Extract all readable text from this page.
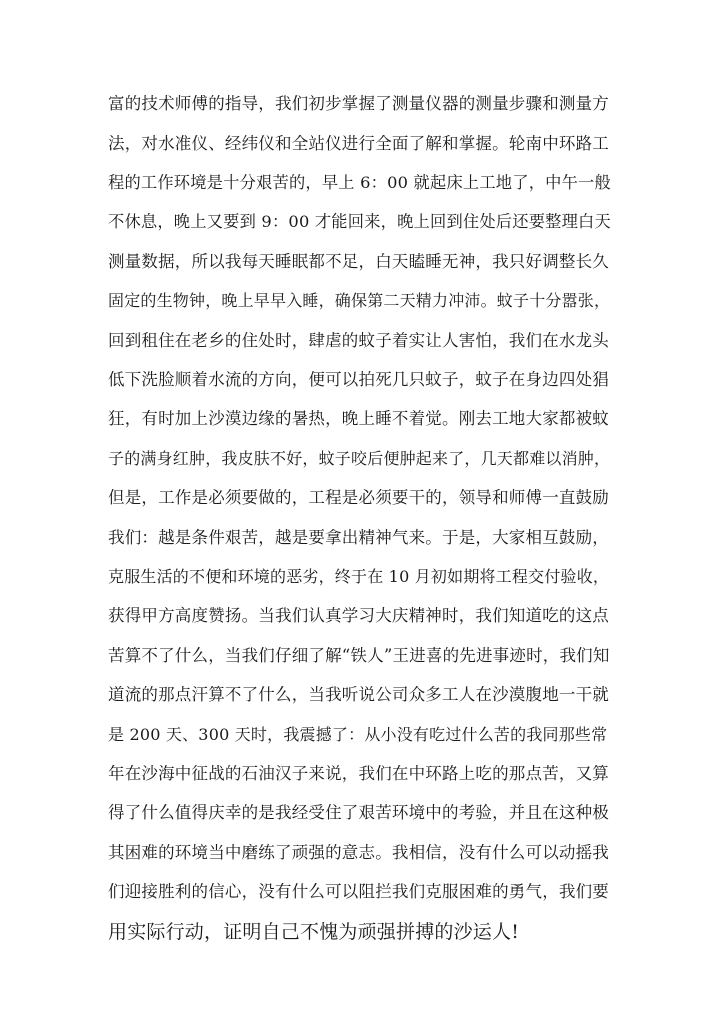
富的技术师傅的指导，我们初步掌握了测量仪器的测量步骤和测量方
法，对水准仪、经纬仪和全站仪进行全面了解和掌握。轮南中环路工
程的工作环境是十分艰苦的，早上 6：00 就起床上工地了，中午一般
不休息，晚上又要到 9：00 才能回来，晚上回到住处后还要整理白天
测量数据，所以我每天睡眠都不足，白天瞌睡无神，我只好调整长久
固定的生物钟，晚上早早入睡，确保第二天精力冲沛。蚊子十分嚣张，
回到租住在老乡的住处时，肆虐的蚊子着实让人害怕，我们在水龙头
低下洗脸顺着水流的方向，便可以拍死几只蚊子，蚊子在身边四处猖
狂，有时加上沙漠边缘的暑热，晚上睡不着觉。刚去工地大家都被蚊
子的满身红肿，我皮肤不好，蚊子咬后便肿起来了，几天都难以消肿，
但是，工作是必须要做的，工程是必须要干的，领导和师傅一直鼓励
我们：越是条件艰苦，越是要拿出精神气来。于是，大家相互鼓励，
克服生活的不便和环境的恶劣，终于在 10 月初如期将工程交付验收，
获得甲方高度赞扬。当我们认真学习大庆精神时，我们知道吃的这点
苦算不了什么，当我们仔细了解“铁人”王进喜的先进事迹时，我们知
道流的那点汗算不了什么，当我听说公司众多工人在沙漠腹地一干就
是 200 天、300 天时，我震撼了：从小没有吃过什么苦的我同那些常
年在沙海中征战的石油汉子来说，我们在中环路上吃的那点苦，又算
得了什么值得庆幸的是我经受住了艰苦环境中的考验，并且在这种极
其困难的环境当中磨练了顽强的意志。我相信，没有什么可以动摇我
们迎接胜利的信心，没有什么可以阻拦我们克服困难的勇气，我们要
用实际行动，证明自己不愧为顽强拼搏的沙运人!
